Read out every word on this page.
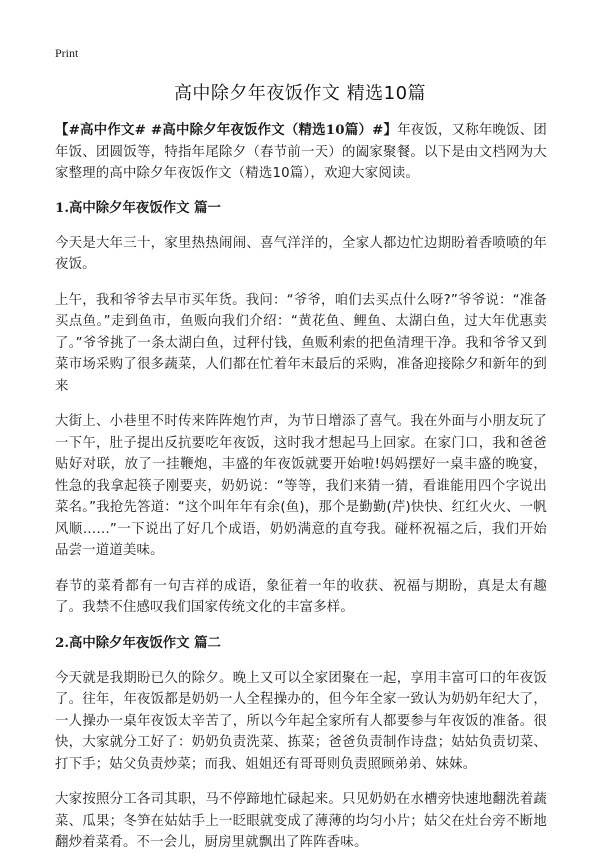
Print
高中除夕年夜饭作文 精选10篇

【#高中作文# #高中除夕年夜饭作文（精选10篇）#】年夜饭，又称年晚饭、团年饭、团圆饭等，特指年尾除夕（春节前一天）的阖家聚餐。以下是由文档网为大家整理的高中除夕年夜饭作文（精选10篇），欢迎大家阅读。

1.高中除夕年夜饭作文 篇一

今天是大年三十，家里热热闹闹、喜气洋洋的，全家人都边忙边期盼着香喷喷的年夜饭。

上午，我和爷爷去早市买年货。我问：“爷爷，咱们去买点什么呀?”爷爷说：“准备买点鱼。”走到鱼市，鱼贩向我们介绍：“黄花鱼、鲤鱼、太湖白鱼，过大年优惠卖了。”爷爷挑了一条太湖白鱼，过秤付钱，鱼贩利索的把鱼清理干净。我和爷爷又到菜市场采购了很多蔬菜，人们都在忙着年末最后的采购，准备迎接除夕和新年的到来

大街上、小巷里不时传来阵阵炮竹声，为节日增添了喜气。我在外面与小朋友玩了一下午，肚子提出反抗要吃年夜饭，这时我才想起马上回家。在家门口，我和爸爸贴好对联，放了一挂鞭炮，丰盛的年夜饭就要开始啦!妈妈摆好一桌丰盛的晚宴，性急的我拿起筷子刚要夹，奶奶说：“等等，我们来猜一猜，看谁能用四个字说出菜名。”我抢先答道：“这个叫年年有余(鱼)，那个是勤勤(芹)快快、红红火火、一帆风顺……”一下说出了好几个成语，奶奶满意的直夸我。碰杯祝福之后，我们开始品尝一道道美味。

春节的菜肴都有一句吉祥的成语，象征着一年的收获、祝福与期盼，真是太有趣了。我禁不住感叹我们国家传统文化的丰富多样。

2.高中除夕年夜饭作文 篇二

今天就是我期盼已久的除夕。晚上又可以全家团聚在一起，享用丰富可口的年夜饭了。往年，年夜饭都是奶奶一人全程操办的，但今年全家一致认为奶奶年纪大了，一人操办一桌年夜饭太辛苦了，所以今年起全家所有人都要参与年夜饭的准备。很快，大家就分工好了：奶奶负责洗菜、拣菜；爸爸负责制作诗盘；姑姑负责切菜、打下手；姑父负责炒菜；而我、姐姐还有哥哥则负责照顾弟弟、妹妹。

大家按照分工各司其职，马不停蹄地忙碌起来。只见奶奶在水槽旁快速地翻洗着蔬菜、瓜果；冬笋在姑姑手上一眨眼就变成了薄薄的均匀小片；姑父在灶台旁不断地翻炒着菜肴。不一会儿，厨房里就飘出了阵阵香味。
